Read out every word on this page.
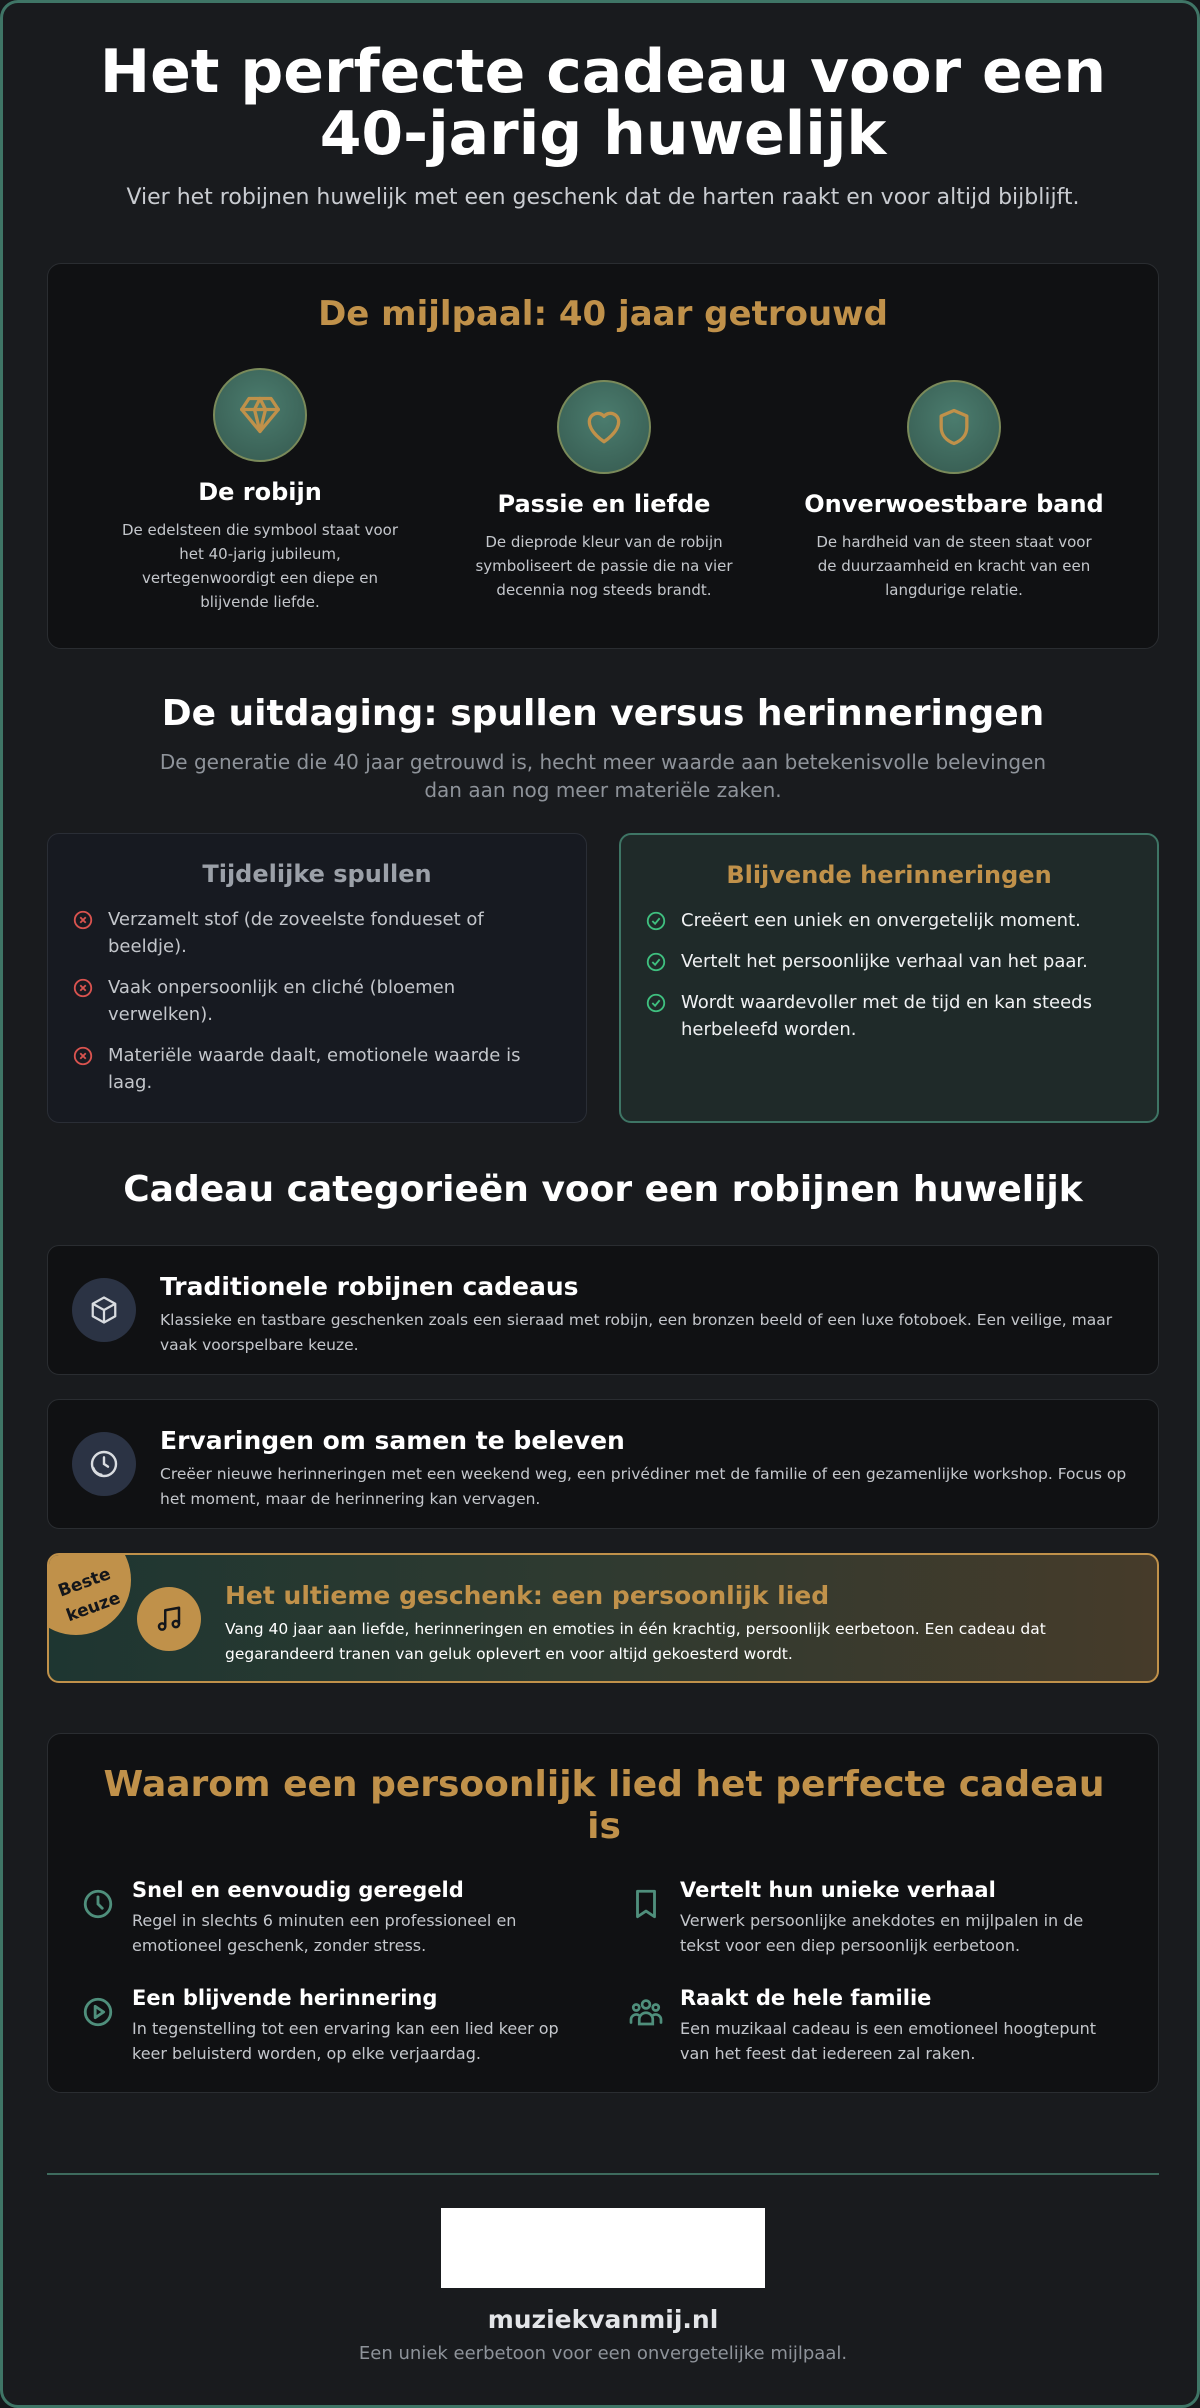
Het perfecte cadeau voor een 40-jarig huwelijk

Vier het robijnen huwelijk met een geschenk dat de harten raakt en voor altijd bijblijft.

De mijlpaal: 40 jaar getrouwd
De robijn
De edelsteen die symbool staat voor het 40-jarig jubileum, vertegenwoordigt een diepe en blijvende liefde.
Passie en liefde
De dieprode kleur van de robijn symboliseert de passie die na vier decennia nog steeds brandt.
Onverwoestbare band
De hardheid van de steen staat voor de duurzaamheid en kracht van een langdurige relatie.
De uitdaging: spullen versus herinneringen

De generatie die 40 jaar getrouwd is, hecht meer waarde aan betekenisvolle belevingen dan aan nog meer materiële zaken.

Tijdelijke spullen
Verzamelt stof (de zoveelste fondueset of beeldje).
Vaak onpersoonlijk en cliché (bloemen verwelken).
Materiële waarde daalt, emotionele waarde is laag.
Blijvende herinneringen
Creëert een uniek en onvergetelijk moment.
Vertelt het persoonlijke verhaal van het paar.
Wordt waardevoller met de tijd en kan steeds herbeleefd worden.
Cadeau categorieën voor een robijnen huwelijk
Traditionele robijnen cadeaus
Klassieke en tastbare geschenken zoals een sieraad met robijn, een bronzen beeld of een luxe fotoboek. Een veilige, maar vaak voorspelbare keuze.
Ervaringen om samen te beleven
Creëer nieuwe herinneringen met een weekend weg, een privédiner met de familie of een gezamenlijke workshop. Focus op het moment, maar de herinnering kan vervagen.
Beste keuze	Het ultieme geschenk: een persoonlijk lied
Vang 40 jaar aan liefde, herinneringen en emoties in één krachtig, persoonlijk eerbetoon. Een cadeau dat gegarandeerd tranen van geluk oplevert en voor altijd gekoesterd wordt.
Waarom een persoonlijk lied het perfecte cadeau is
Snel en eenvoudig geregeld
Regel in slechts 6 minuten een professioneel en emotioneel geschenk, zonder stress.
Vertelt hun unieke verhaal
Verwerk persoonlijke anekdotes en mijlpalen in de tekst voor een diep persoonlijk eerbetoon.
Een blijvende herinnering
In tegenstelling tot een ervaring kan een lied keer op keer beluisterd worden, op elke verjaardag.
Raakt de hele familie
Een muzikaal cadeau is een emotioneel hoogtepunt van het feest dat iedereen zal raken.
muziekvanmij.nl
Een uniek eerbetoon voor een onvergetelijke mijlpaal.
